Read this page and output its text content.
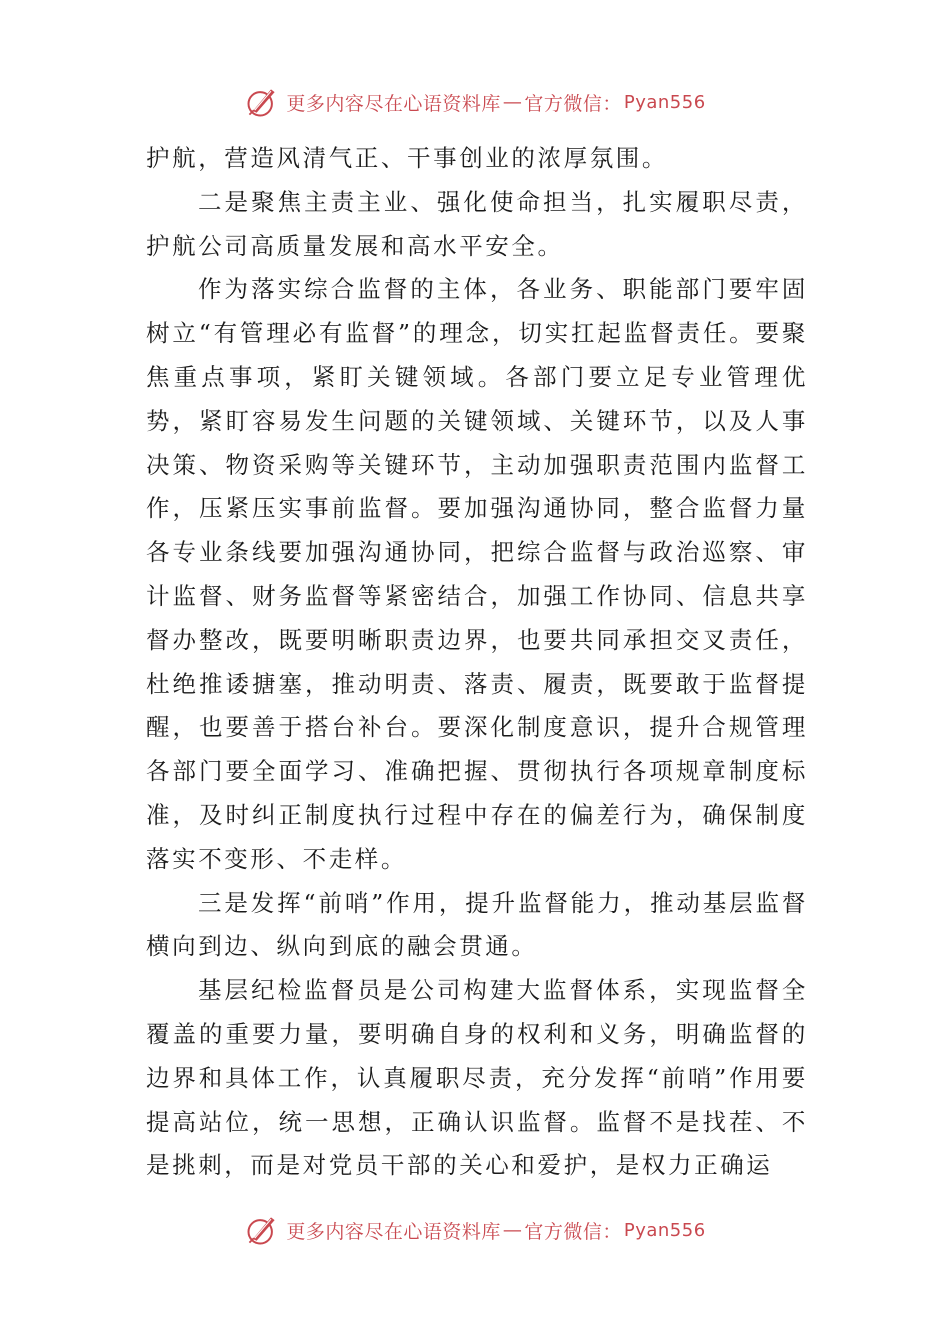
更多内容尽在心语资料库 — 官方微信： Pyan556

护航，营造风清气正、干事创业的浓厚氛围。

二是聚焦主责主业、强化使命担当，扎实履职尽责，护航公司高质量发展和高水平安全。

作为落实综合监督的主体，各业务、职能部门要牢固树立“有管理必有监督”的理念，切实扛起监督责任。要聚焦重点事项，紧盯关键领域。各部门要立足专业管理优势，紧盯容易发生问题的关键领域、关键环节，以及人事决策、物资采购等关键环节，主动加强职责范围内监督工作，压紧压实事前监督。要加强沟通协同，整合监督力量各专业条线要加强沟通协同，把综合监督与政治巡察、审计监督、财务监督等紧密结合，加强工作协同、信息共享督办整改，既要明晰职责边界，也要共同承担交叉责任，杜绝推诿搪塞，推动明责、落责、履责，既要敢于监督提醒，也要善于搭台补台。要深化制度意识，提升合规管理各部门要全面学习、准确把握、贯彻执行各项规章制度标准，及时纠正制度执行过程中存在的偏差行为，确保制度落实不变形、不走样。

三是发挥“前哨”作用，提升监督能力，推动基层监督横向到边、纵向到底的融会贯通。

基层纪检监督员是公司构建大监督体系，实现监督全覆盖的重要力量，要明确自身的权利和义务，明确监督的边界和具体工作，认真履职尽责，充分发挥“前哨”作用要提高站位，统一思想，正确认识监督。监督不是找茬、不是挑刺，而是对党员干部的关心和爱护，是权力正确运

更多内容尽在心语资料库 — 官方微信： Pyan556
